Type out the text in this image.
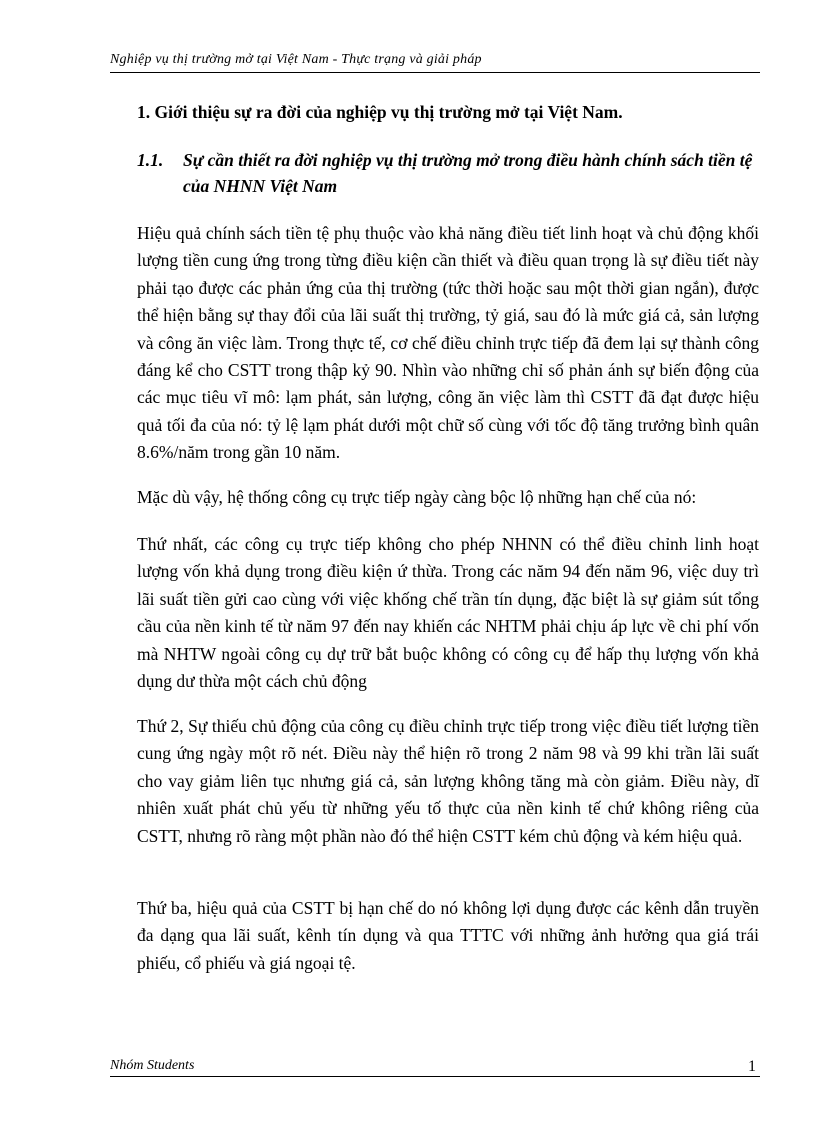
Nghiệp vụ thị trường mở tại Việt Nam - Thực trạng và giải pháp
1. Giới thiệu sự ra đời của nghiệp vụ thị trường mở tại Việt Nam.
1.1. Sự cần thiết ra đời nghiệp vụ thị trường mở trong điều hành chính sách tiền tệ của NHNN Việt Nam
Hiệu quả chính sách tiền tệ phụ thuộc vào khả năng điều tiết linh hoạt và chủ động khối lượng tiền cung ứng trong từng điều kiện cần thiết và điều quan trọng là sự điều tiết này phải tạo được các phản ứng của thị trường (tức thời hoặc sau một thời gian ngắn), được thể hiện bằng sự thay đổi của lãi suất thị trường, tỷ giá, sau đó là mức giá cả, sản lượng và công ăn việc làm. Trong thực tế, cơ chế điều chỉnh trực tiếp đã đem lại sự thành công đáng kể cho CSTT trong thập kỷ 90. Nhìn vào những chỉ số phản ánh sự biến động của các mục tiêu vĩ mô: lạm phát, sản lượng, công ăn việc làm thì CSTT đã đạt được hiệu quả tối đa của nó: tỷ lệ lạm phát dưới một chữ số cùng với tốc độ tăng trưởng bình quân 8.6%/năm trong gần 10 năm.
Mặc dù vậy, hệ thống công cụ trực tiếp ngày càng bộc lộ những hạn chế của nó:
Thứ nhất, các công cụ trực tiếp không cho phép NHNN có thể điều chỉnh linh hoạt lượng vốn khả dụng trong điều kiện ứ thừa. Trong các năm 94 đến năm 96, việc duy trì lãi suất tiền gửi cao cùng với việc khống chế trần tín dụng, đặc biệt là sự giảm sút tổng cầu của nền kinh tế từ năm 97 đến nay khiến các NHTM phải chịu áp lực về chi phí vốn mà NHTW ngoài công cụ dự trữ bắt buộc không có công cụ để hấp thụ lượng vốn khả dụng dư thừa một cách chủ động
Thứ 2, Sự thiếu chủ động của công cụ điều chỉnh trực tiếp trong việc điều tiết lượng tiền cung ứng ngày một rõ nét. Điều này thể hiện rõ trong 2 năm 98 và 99 khi trần lãi suất cho vay giảm liên tục nhưng giá cả, sản lượng không tăng mà còn giảm. Điều này, dĩ nhiên xuất phát chủ yếu từ những yếu tố thực của nền kinh tế chứ không riêng của CSTT, nhưng rõ ràng một phần nào đó thể hiện CSTT kém chủ động và kém hiệu quả.
Thứ ba, hiệu quả của CSTT bị hạn chế do nó không lợi dụng được các kênh dẫn truyền đa dạng qua lãi suất, kênh tín dụng và qua TTTC với những ảnh hưởng qua giá trái phiếu, cổ phiếu và giá ngoại tệ.
Nhóm Students	1
